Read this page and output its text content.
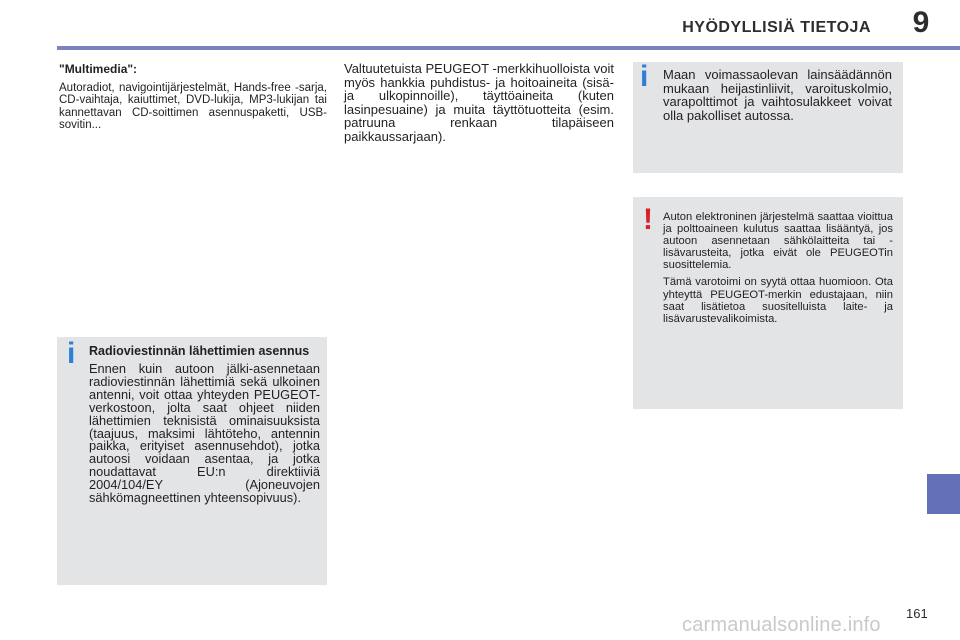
HYÖDYLLISIÄ TIETOJA 9

"Multimedia":

Autoradiot, navigointijärjestelmät, Hands-free -sarja, CD-vaihtaja, kaiuttimet, DVD-lukija, MP3-lukijan tai kannettavan CD-soittimen asennuspaketti, USB-sovitin...

Valtuutetuista PEUGEOT -merkkihuolloista voit myös hankkia puhdistus- ja hoitoaineita (sisä- ja ulkopinnoille), täyttöaineita (kuten lasinpesuaine) ja muita täyttötuotteita (esim. patruuna renkaan tilapäiseen paikkaussarjaan).
i Radioviestinnän lähettimien asennus

Ennen kuin autoon jälki-asennetaan radioviestinnän lähettimiä sekä ulkoinen antenni, voit ottaa yhteyden PEUGEOT-verkostoon, jolta saat ohjeet niiden lähettimien teknisistä ominaisuuksista (taajuus, maksimi lähtöteho, antennin paikka, erityiset asennusehdot), jotka autoosi voidaan asentaa, ja jotka noudattavat EU:n direktiiviä 2004/104/EY (Ajoneuvojen sähkömagneettinen yhteensopivuus).

i Maan voimassaolevan lainsäädännön mukaan heijastinliivit, varoituskolmio, varapolttimot ja vaihtosulakkeet voivat olla pakolliset autossa.

! Auton elektroninen järjestelmä saattaa vioittua ja polttoaineen kulutus saattaa lisääntyä, jos autoon asennetaan sähkölaitteita tai -lisävarusteita, jotka eivät ole PEUGEOTin suosittelemia.

Tämä varotoimi on syytä ottaa huomioon. Ota yhteyttä PEUGEOT-merkin edustajaan, niin saat lisätietoa suositelluista laite- ja lisävarustevalikoimista.

161
carmanualsonline.info
